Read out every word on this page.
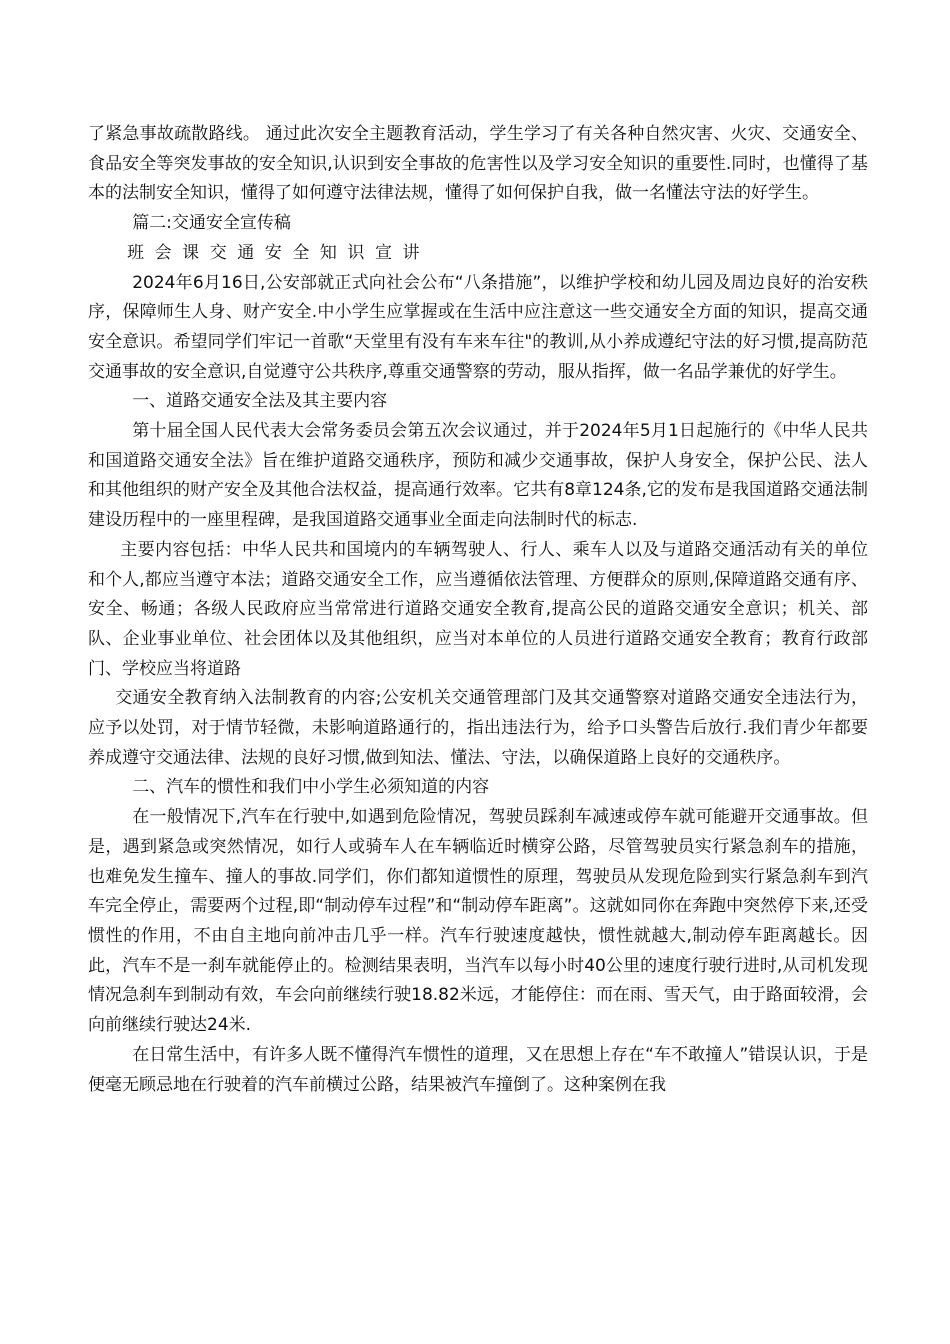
了紧急事故疏散路线。 通过此次安全主题教育活动，学生学习了有关各种自然灾害、火灾、交通安全、食品安全等突发事故的安全知识,认识到安全事故的危害性以及学习安全知识的重要性.同时，也懂得了基本的法制安全知识，懂得了如何遵守法律法规，懂得了如何保护自我，做一名懂法守法的好学生。

篇二:交通安全宣传稿

班会课交通安全知识宣讲

2024年6月16日,公安部就正式向社会公布“八条措施”，以维护学校和幼儿园及周边良好的治安秩序，保障师生人身、财产安全.中小学生应掌握或在生活中应注意这一些交通安全方面的知识，提高交通安全意识。希望同学们牢记一首歌“天堂里有没有车来车往"的教训,从小养成遵纪守法的好习惯,提高防范交通事故的安全意识,自觉遵守公共秩序,尊重交通警察的劳动，服从指挥，做一名品学兼优的好学生。

一、道路交通安全法及其主要内容

第十届全国人民代表大会常务委员会第五次会议通过，并于2024年5月1日起施行的《中华人民共和国道路交通安全法》旨在维护道路交通秩序，预防和减少交通事故，保护人身安全，保护公民、法人和其他组织的财产安全及其他合法权益，提高通行效率。它共有8章124条,它的发布是我国道路交通法制建设历程中的一座里程碑，是我国道路交通事业全面走向法制时代的标志.

主要内容包括：中华人民共和国境内的车辆驾驶人、行人、乘车人以及与道路交通活动有关的单位和个人,都应当遵守本法；道路交通安全工作，应当遵循依法管理、方便群众的原则,保障道路交通有序、安全、畅通；各级人民政府应当常常进行道路交通安全教育,提高公民的道路交通安全意识；机关、部队、企业事业单位、社会团体以及其他组织，应当对本单位的人员进行道路交通安全教育；教育行政部门、学校应当将道路

交通安全教育纳入法制教育的内容;公安机关交通管理部门及其交通警察对道路交通安全违法行为，应予以处罚，对于情节轻微，未影响道路通行的，指出违法行为，给予口头警告后放行.我们青少年都要养成遵守交通法律、法规的良好习惯,做到知法、懂法、守法，以确保道路上良好的交通秩序。

二、汽车的惯性和我们中小学生必须知道的内容

在一般情况下,汽车在行驶中,如遇到危险情况，驾驶员踩刹车减速或停车就可能避开交通事故。但是，遇到紧急或突然情况，如行人或骑车人在车辆临近时横穿公路，尽管驾驶员实行紧急刹车的措施，也难免发生撞车、撞人的事故.同学们，你们都知道惯性的原理，驾驶员从发现危险到实行紧急刹车到汽车完全停止，需要两个过程,即“制动停车过程”和“制动停车距离”。这就如同你在奔跑中突然停下来,还受惯性的作用，不由自主地向前冲击几乎一样。汽车行驶速度越快，惯性就越大,制动停车距离越长。因此，汽车不是一刹车就能停止的。检测结果表明，当汽车以每小时40公里的速度行驶行进时,从司机发现情况急刹车到制动有效，车会向前继续行驶18.82米远，才能停住：而在雨、雪天气，由于路面较滑，会向前继续行驶达24米.

在日常生活中，有许多人既不懂得汽车惯性的道理，又在思想上存在“车不敢撞人”错误认识，于是便毫无顾忌地在行驶着的汽车前横过公路，结果被汽车撞倒了。这种案例在我
